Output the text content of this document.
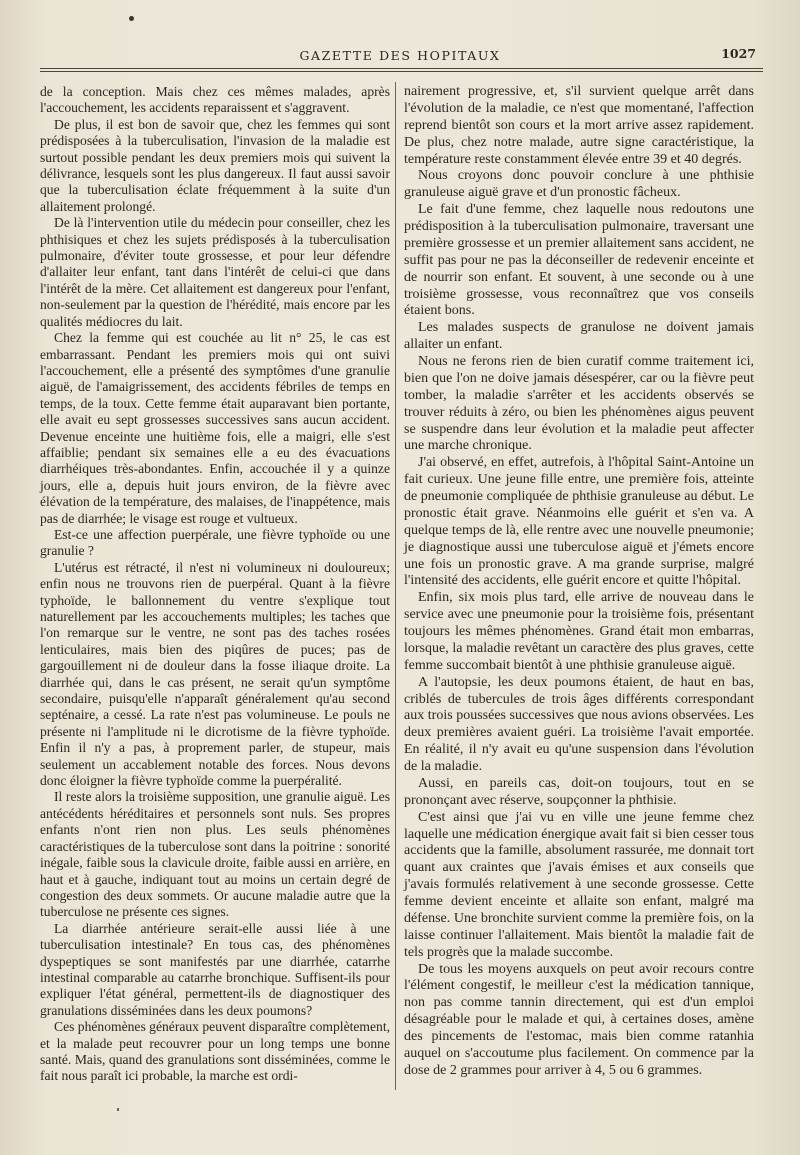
GAZETTE DES HOPITAUX	1027

de la conception. Mais chez ces mêmes malades, après l'accouchement, les accidents reparaissent et s'aggravent.

De plus, il est bon de savoir que, chez les femmes qui sont prédisposées à la tuberculisation, l'invasion de la maladie est surtout possible pendant les deux premiers mois qui suivent la délivrance, lesquels sont les plus dangereux. Il faut aussi savoir que la tuberculisation éclate fréquemment à la suite d'un allaitement prolongé.

De là l'intervention utile du médecin pour conseiller, chez les phthisiques et chez les sujets prédisposés à la tuberculisation pulmonaire, d'éviter toute grossesse, et pour leur défendre d'allaiter leur enfant, tant dans l'intérêt de celui-ci que dans l'intérêt de la mère. Cet allaitement est dangereux pour l'enfant, non-seulement par la question de l'hérédité, mais encore par les qualités médiocres du lait.

Chez la femme qui est couchée au lit n° 25, le cas est embarrassant. Pendant les premiers mois qui ont suivi l'accouchement, elle a présenté des symptômes d'une granulie aiguë, de l'amaigrissement, des accidents fébriles de temps en temps, de la toux. Cette femme était auparavant bien portante, elle avait eu sept grossesses successives sans aucun accident. Devenue enceinte une huitième fois, elle a maigri, elle s'est affaiblie; pendant six semaines elle a eu des évacuations diarrhéiques très-abondantes. Enfin, accouchée il y a quinze jours, elle a, depuis huit jours environ, de la fièvre avec élévation de la température, des malaises, de l'inappétence, mais pas de diarrhée; le visage est rouge et vultueux.

Est-ce une affection puerpérale, une fièvre typhoïde ou une granulie ?

L'utérus est rétracté, il n'est ni volumineux ni douloureux; enfin nous ne trouvons rien de puerpéral. Quant à la fièvre typhoïde, le ballonnement du ventre s'explique tout naturellement par les accouchements multiples; les taches que l'on remarque sur le ventre, ne sont pas des taches rosées lenticulaires, mais bien des piqûres de puces; pas de gargouillement ni de douleur dans la fosse iliaque droite. La diarrhée qui, dans le cas présent, ne serait qu'un symptôme secondaire, puisqu'elle n'apparaît généralement qu'au second septénaire, a cessé. La rate n'est pas volumineuse. Le pouls ne présente ni l'amplitude ni le dicrotisme de la fièvre typhoïde. Enfin il n'y a pas, à proprement parler, de stupeur, mais seulement un accablement notable des forces. Nous devons donc éloigner la fièvre typhoïde comme la puerpéralité.

Il reste alors la troisième supposition, une granulie aiguë. Les antécédents héréditaires et personnels sont nuls. Ses propres enfants n'ont rien non plus. Les seuls phénomènes caractéristiques de la tuberculose sont dans la poitrine : sonorité inégale, faible sous la clavicule droite, faible aussi en arrière, en haut et à gauche, indiquant tout au moins un certain degré de congestion des deux sommets. Or aucune maladie autre que la tuberculose ne présente ces signes.

La diarrhée antérieure serait-elle aussi liée à une tuberculisation intestinale? En tous cas, des phénomènes dyspeptiques se sont manifestés par une diarrhée, catarrhe intestinal comparable au catarrhe bronchique. Suffisent-ils pour expliquer l'état général, permettent-ils de diagnostiquer des granulations disséminées dans les deux poumons?

Ces phénomènes généraux peuvent disparaître complètement, et la malade peut recouvrer pour un long temps une bonne santé. Mais, quand des granulations sont disséminées, comme le fait nous paraît ici probable, la marche est ordi-

nairement progressive, et, s'il survient quelque arrêt dans l'évolution de la maladie, ce n'est que momentané, l'affection reprend bientôt son cours et la mort arrive assez rapidement. De plus, chez notre malade, autre signe caractéristique, la température reste constamment élevée entre 39 et 40 degrés.

Nous croyons donc pouvoir conclure à une phthisie granuleuse aiguë grave et d'un pronostic fâcheux.

Le fait d'une femme, chez laquelle nous redoutons une prédisposition à la tuberculisation pulmonaire, traversant une première grossesse et un premier allaitement sans accident, ne suffit pas pour ne pas la déconseiller de redevenir enceinte et de nourrir son enfant. Et souvent, à une seconde ou à une troisième grossesse, vous reconnaîtrez que vos conseils étaient bons.

Les malades suspects de granulose ne doivent jamais allaiter un enfant.

Nous ne ferons rien de bien curatif comme traitement ici, bien que l'on ne doive jamais désespérer, car ou la fièvre peut tomber, la maladie s'arrêter et les accidents observés se trouver réduits à zéro, ou bien les phénomènes aigus peuvent se suspendre dans leur évolution et la maladie peut affecter une marche chronique.

J'ai observé, en effet, autrefois, à l'hôpital Saint-Antoine un fait curieux. Une jeune fille entre, une première fois, atteinte de pneumonie compliquée de phthisie granuleuse au début. Le pronostic était grave. Néanmoins elle guérit et s'en va. A quelque temps de là, elle rentre avec une nouvelle pneumonie; je diagnostique aussi une tuberculose aiguë et j'émets encore une fois un pronostic grave. A ma grande surprise, malgré l'intensité des accidents, elle guérit encore et quitte l'hôpital.

Enfin, six mois plus tard, elle arrive de nouveau dans le service avec une pneumonie pour la troisième fois, présentant toujours les mêmes phénomènes. Grand était mon embarras, lorsque, la maladie revêtant un caractère des plus graves, cette femme succombait bientôt à une phthisie granuleuse aiguë.

A l'autopsie, les deux poumons étaient, de haut en bas, criblés de tubercules de trois âges différents correspondant aux trois poussées successives que nous avions observées. Les deux premières avaient guéri. La troisième l'avait emportée. En réalité, il n'y avait eu qu'une suspension dans l'évolution de la maladie.

Aussi, en pareils cas, doit-on toujours, tout en se prononçant avec réserve, soupçonner la phthisie.

C'est ainsi que j'ai vu en ville une jeune femme chez laquelle une médication énergique avait fait si bien cesser tous accidents que la famille, absolument rassurée, me donnait tort quant aux craintes que j'avais émises et aux conseils que j'avais formulés relativement à une seconde grossesse. Cette femme devient enceinte et allaite son enfant, malgré ma défense. Une bronchite survient comme la première fois, on la laisse continuer l'allaitement. Mais bientôt la maladie fait de tels progrès que la malade succombe.

De tous les moyens auxquels on peut avoir recours contre l'élément congestif, le meilleur c'est la médication tannique, non pas comme tannin directement, qui est d'un emploi désagréable pour le malade et qui, à certaines doses, amène des pincements de l'estomac, mais bien comme ratanhia auquel on s'accoutume plus facilement. On commence par la dose de 2 grammes pour arriver à 4, 5 ou 6 grammes.
